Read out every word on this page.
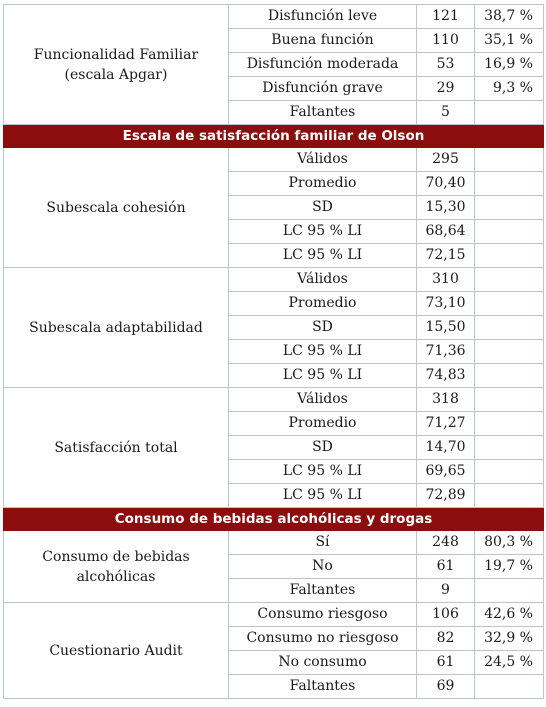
Funcionalidad Familiar (escala Apgar)	Disfunción leve	121	38,7 %
	Buena función	110	35,1 %
	Disfunción moderada	53	16,9 %
	Disfunción grave	29	9,3 %
	Faltantes	5	
Escala de satisfacción familiar de Olson			
Subescala cohesión	Válidos	295	
	Promedio	70,40	
	SD	15,30	
	LC 95 % LI	68,64	
	LC 95 % LI	72,15	
Subescala adaptabilidad	Válidos	310	
	Promedio	73,10	
	SD	15,50	
	LC 95 % LI	71,36	
	LC 95 % LI	74,83	
Satisfacción total	Válidos	318	
	Promedio	71,27	
	SD	14,70	
	LC 95 % LI	69,65	
	LC 95 % LI	72,89	
Consumo de bebidas alcohólicas y drogas			
Consumo de bebidas alcohólicas	Sí	248	80,3 %
	No	61	19,7 %
	Faltantes	9	
Cuestionario Audit	Consumo riesgoso	106	42,6 %
	Consumo no riesgoso	82	32,9 %
	No consumo	61	24,5 %
	Faltantes	69	
